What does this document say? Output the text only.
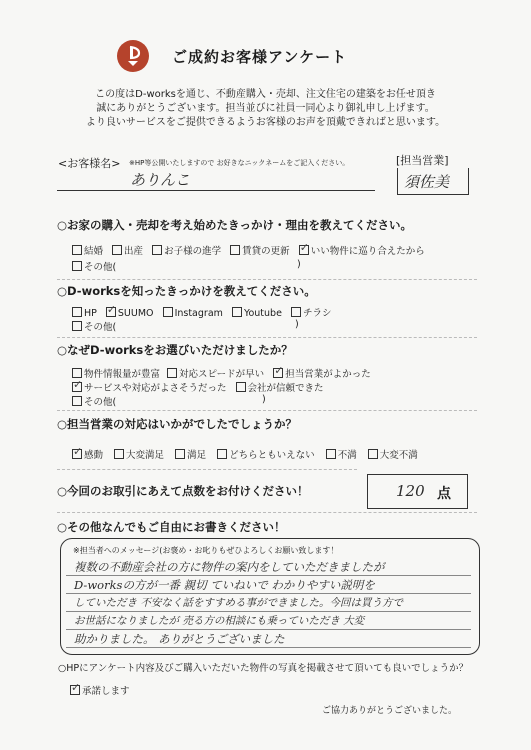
ご成約お客様アンケート
この度はD-worksを通じ、不動産購入・売却、注文住宅の建築をお任せ頂き
誠にありがとうございます。担当並びに社員一同心より御礼申し上げます。
より良いサービスをご提供できるようお客様のお声を頂戴できればと思います。
<お客様名> ※HP等公開いたしますので お好きなニックネームをご記入ください。
ありんこ
[担当営業]
須佐美
○お家の購入・売却を考え始めたきっかけ・理由を教えてください。
結婚 出産 お子様の進学 賃貸の更新 ✓ いい物件に巡り合えたから
その他(	)
○D-worksを知ったきっかけを教えてください。
HP ✓ SUUMO Instagram Youtube チラシ
その他(	)
○なぜD-worksをお選びいただけましたか？
物件情報量が豊富 対応スピードが早い ✓ 担当営業がよかった
✓ サービスや対応がよさそうだった 会社が信頼できた
その他(	)
○担当営業の対応はいかがでしたでしょうか？
✓ 感動 大変満足 満足 どちらともいえない 不満 大変不満
○今回のお取引にあえて点数をお付けください！	120 点
○その他なんでもご自由にお書きください！
※担当者へのメッセージ(お褒め・お叱りもぜひよろしくお願い致します！
複数の不動産会社の方に物件の案内をしていただきましたが
D-worksの方が一番 親切 ていねいで わかりやすい説明を
していただき 不安なく話をすすめる事ができました。今回は買う方で
お世話になりましたが 売る方の相談にも乗っていただき 大変
助かりました。 ありがとうございました
○HPにアンケート内容及びご購入いただいた物件の写真を掲載させて頂いても良いでしょうか？
✓ 承諾します
ご協力ありがとうございました。
